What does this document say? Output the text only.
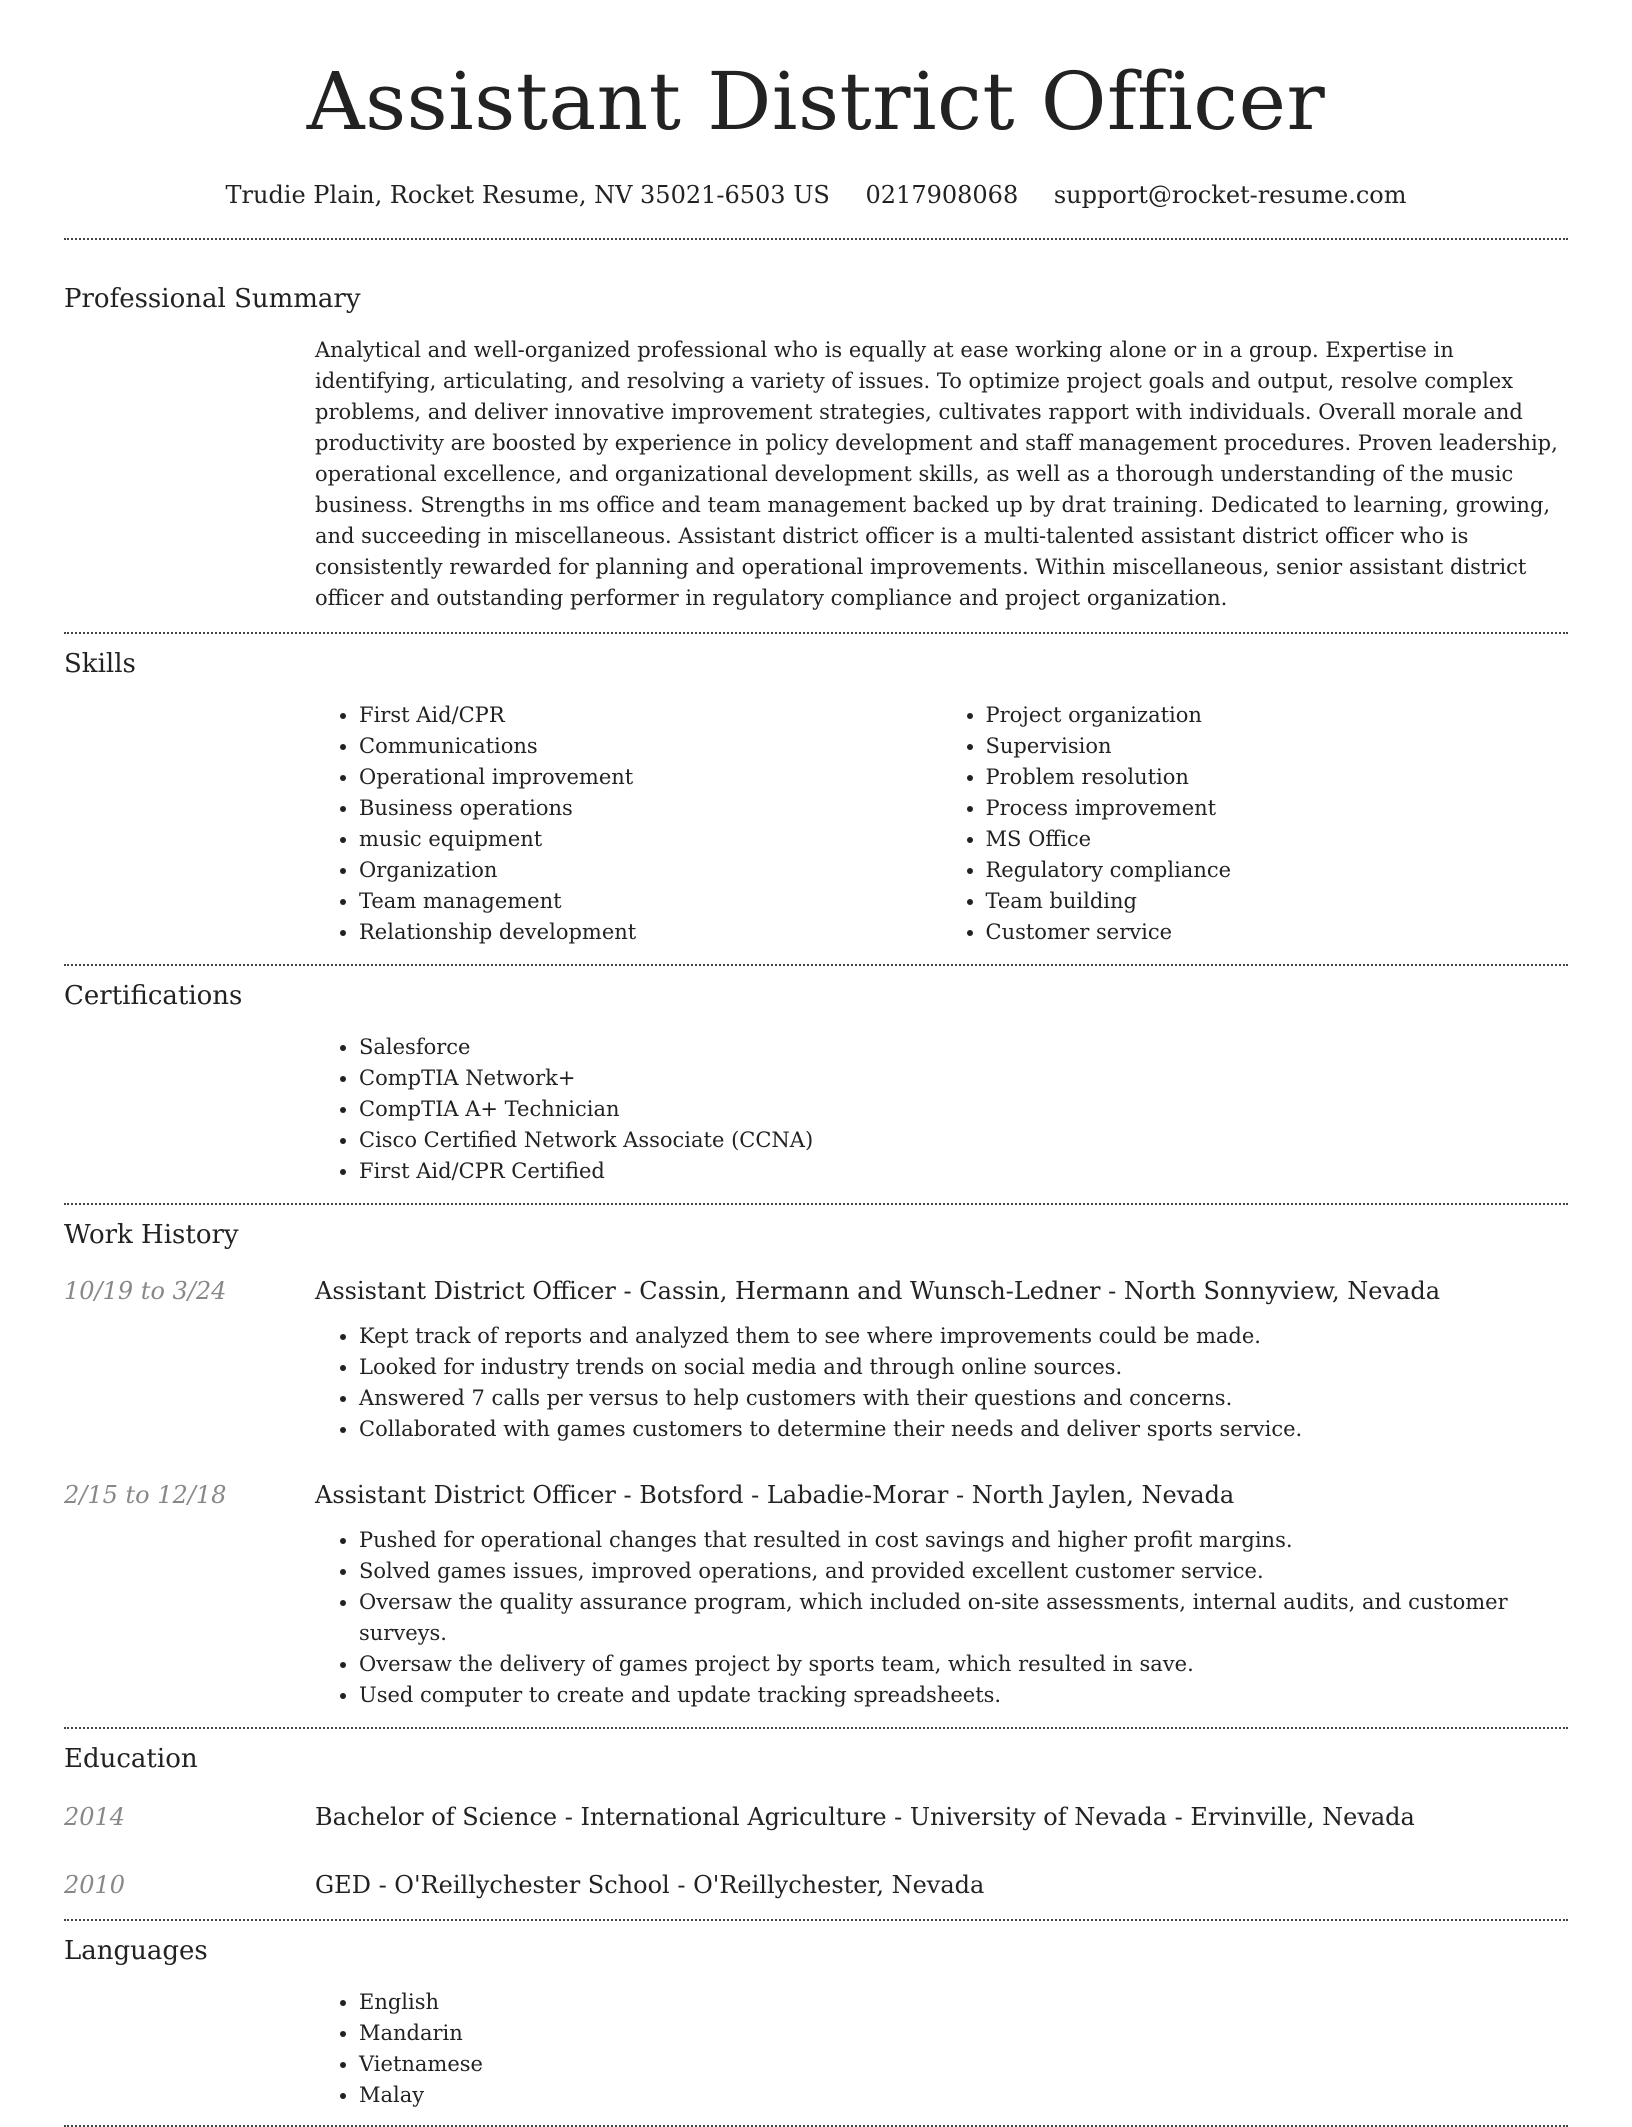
Assistant District Officer
Trudie Plain, Rocket Resume, NV 35021-6503 US 0217908068 support@rocket-resume.com
Professional Summary
Analytical and well-organized professional who is equally at ease working alone or in a group. Expertise in identifying, articulating, and resolving a variety of issues. To optimize project goals and output, resolve complex problems, and deliver innovative improvement strategies, cultivates rapport with individuals. Overall morale and productivity are boosted by experience in policy development and staff management procedures. Proven leadership, operational excellence, and organizational development skills, as well as a thorough understanding of the music business. Strengths in ms office and team management backed up by drat training. Dedicated to learning, growing, and succeeding in miscellaneous. Assistant district officer is a multi-talented assistant district officer who is consistently rewarded for planning and operational improvements. Within miscellaneous, senior assistant district officer and outstanding performer in regulatory compliance and project organization.
Skills
• First Aid/CPR
• Communications
• Operational improvement
• Business operations
• music equipment
• Organization
• Team management
• Relationship development
• Project organization
• Supervision
• Problem resolution
• Process improvement
• MS Office
• Regulatory compliance
• Team building
• Customer service
Certifications
• Salesforce
• CompTIA Network+
• CompTIA A+ Technician
• Cisco Certified Network Associate (CCNA)
• First Aid/CPR Certified
Work History
10/19 to 3/24	Assistant District Officer - Cassin, Hermann and Wunsch-Ledner - North Sonnyview, Nevada
• Kept track of reports and analyzed them to see where improvements could be made.
• Looked for industry trends on social media and through online sources.
• Answered 7 calls per versus to help customers with their questions and concerns.
• Collaborated with games customers to determine their needs and deliver sports service.
2/15 to 12/18	Assistant District Officer - Botsford - Labadie-Morar - North Jaylen, Nevada
• Pushed for operational changes that resulted in cost savings and higher profit margins.
• Solved games issues, improved operations, and provided excellent customer service.
• Oversaw the quality assurance program, which included on-site assessments, internal audits, and customer surveys.
• Oversaw the delivery of games project by sports team, which resulted in save.
• Used computer to create and update tracking spreadsheets.
Education
2014	Bachelor of Science - International Agriculture - University of Nevada - Ervinville, Nevada
2010	GED - O'Reillychester School - O'Reillychester, Nevada
Languages
• English
• Mandarin
• Vietnamese
• Malay
